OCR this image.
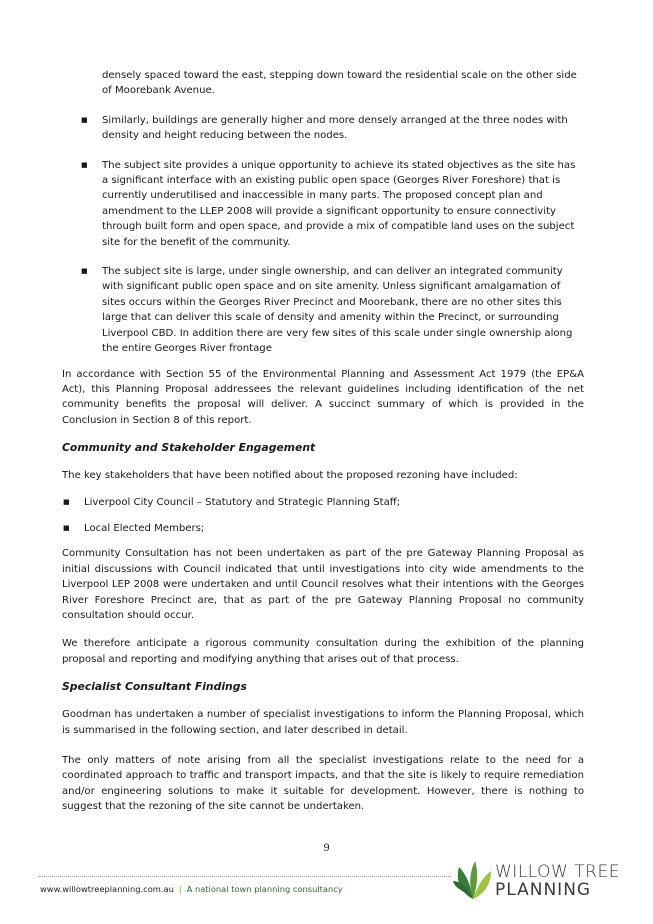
densely spaced toward the east, stepping down toward the residential scale on the other side of Moorebank Avenue.

■ Similarly, buildings are generally higher and more densely arranged at the three nodes with density and height reducing between the nodes.
■ The subject site provides a unique opportunity to achieve its stated objectives as the site has a significant interface with an existing public open space (Georges River Foreshore) that is currently underutilised and inaccessible in many parts. The proposed concept plan and amendment to the LLEP 2008 will provide a significant opportunity to ensure connectivity through built form and open space, and provide a mix of compatible land uses on the subject site for the benefit of the community.
■ The subject site is large, under single ownership, and can deliver an integrated community with significant public open space and on site amenity. Unless significant amalgamation of sites occurs within the Georges River Precinct and Moorebank, there are no other sites this large that can deliver this scale of density and amenity within the Precinct, or surrounding Liverpool CBD. In addition there are very few sites of this scale under single ownership along the entire Georges River frontage

In accordance with Section 55 of the Environmental Planning and Assessment Act 1979 (the EP&A Act), this Planning Proposal addressees the relevant guidelines including identification of the net community benefits the proposal will deliver. A succinct summary of which is provided in the Conclusion in Section 8 of this report.

Community and Stakeholder Engagement

The key stakeholders that have been notified about the proposed rezoning have included:

■ Liverpool City Council – Statutory and Strategic Planning Staff;
■ Local Elected Members;

Community Consultation has not been undertaken as part of the pre Gateway Planning Proposal as initial discussions with Council indicated that until investigations into city wide amendments to the Liverpool LEP 2008 were undertaken and until Council resolves what their intentions with the Georges River Foreshore Precinct are, that as part of the pre Gateway Planning Proposal no community consultation should occur.

We therefore anticipate a rigorous community consultation during the exhibition of the planning proposal and reporting and modifying anything that arises out of that process.

Specialist Consultant Findings

Goodman has undertaken a number of specialist investigations to inform the Planning Proposal, which is summarised in the following section, and later described in detail.

The only matters of note arising from all the specialist investigations relate to the need for a coordinated approach to traffic and transport impacts, and that the site is likely to require remediation and/or engineering solutions to make it suitable for development. However, there is nothing to suggest that the rezoning of the site cannot be undertaken.

9
www.willowtreeplanning.com.au | A national town planning consultancy
WILLOW TREE
PLANNING
